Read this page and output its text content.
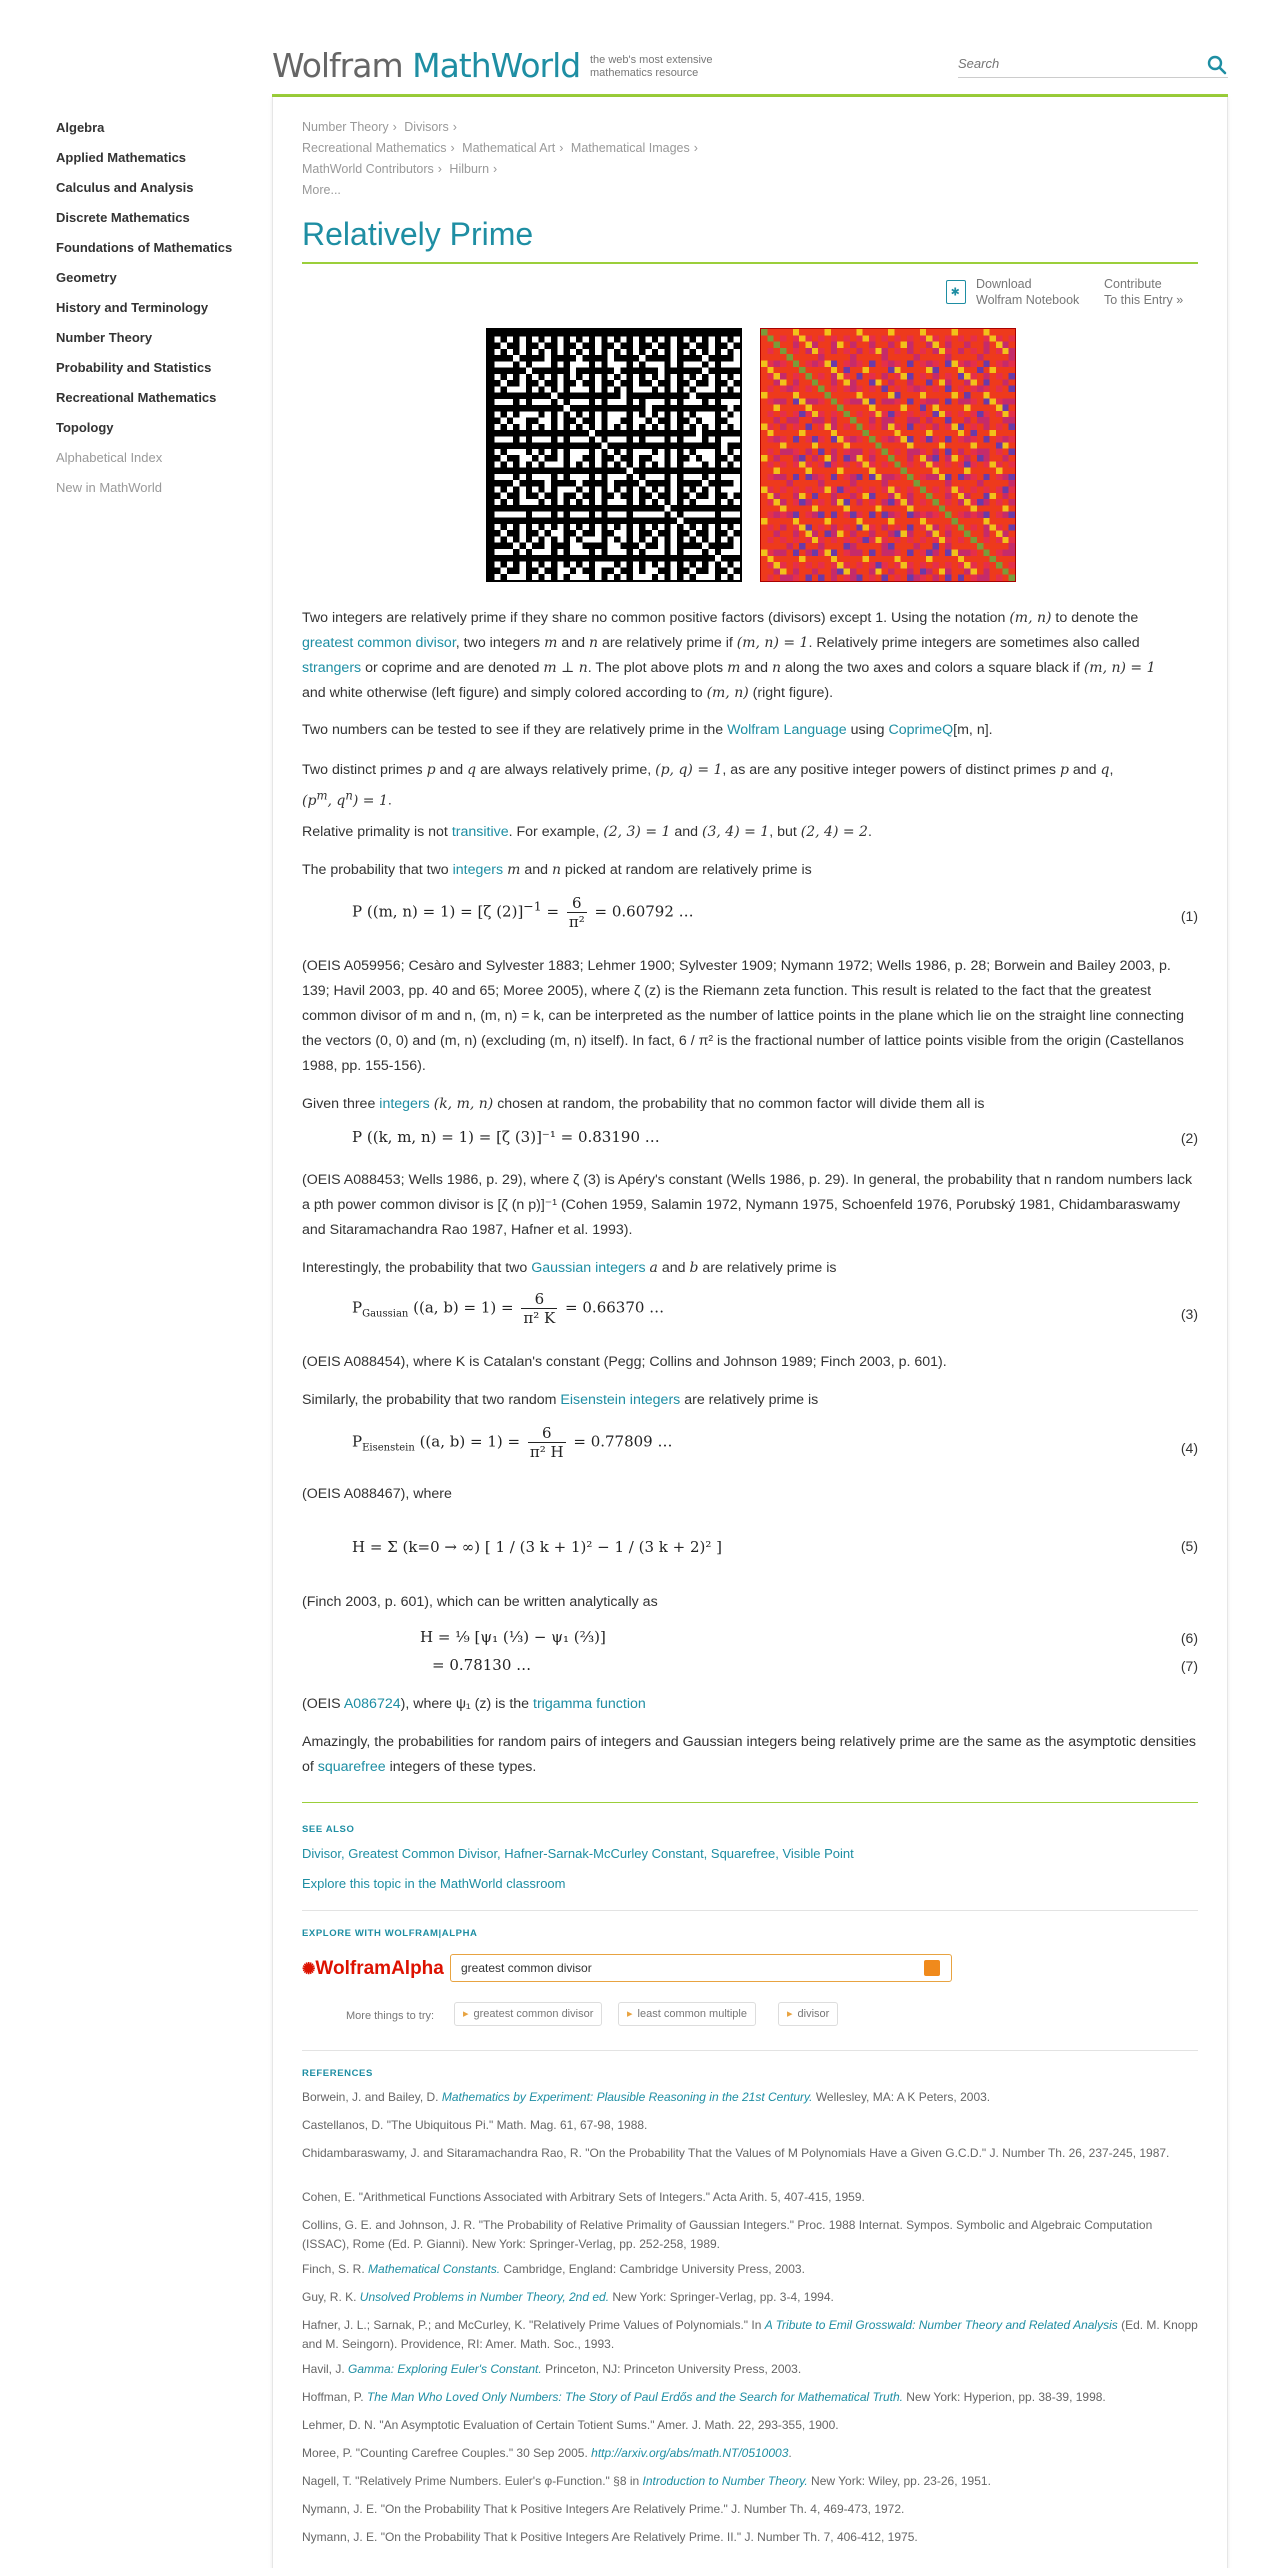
Wolfram MathWorld the web's most extensive mathematics resource
Search
Algebra
Applied Mathematics
Calculus and Analysis
Discrete Mathematics
Foundations of Mathematics
Geometry
History and Terminology
Number Theory
Probability and Statistics
Recreational Mathematics
Topology
Alphabetical Index
New in MathWorld
Number Theory › Divisors ›
Recreational Mathematics › Mathematical Art › Mathematical Images ›
MathWorld Contributors › Hilburn ›
More...
Relatively Prime
✱
Download
Wolfram Notebook
Contribute
To this Entry »
Two integers are relatively prime if they share no common positive factors (divisors) except 1. Using the notation (m, n) to denote the
greatest common divisor, two integers m and n are relatively prime if (m, n) = 1. Relatively prime integers are sometimes also called
strangers or coprime and are denoted m ⊥ n. The plot above plots m and n along the two axes and colors a square black if (m, n) = 1
and white otherwise (left figure) and simply colored according to (m, n) (right figure).
Two numbers can be tested to see if they are relatively prime in the Wolfram Language using CoprimeQ[m, n].
Two distinct primes p and q are always relatively prime, (p, q) = 1, as are any positive integer powers of distinct primes p and q,
($p^m$, $q^n) = 1$.
Relative primality is not transitive. For example, (2, 3) = 1 and (3, 4) = 1, but (2, 4) = 2.
The probability that two integers m and n picked at random are relatively prime is
P ((m, n) = 1) = [ζ $(2)]^{-1} = \frac{6}{\text{π²}} = 0.60792$ …	(1)
(OEIS A059956; Cesàro and Sylvester 1883; Lehmer 1900; Sylvester 1909; Nymann 1972; Wells 1986, p. 28; Borwein and Bailey 2003, p. 139; Havil 2003, pp. 40 and 65; Moree 2005), where ζ (z) is the Riemann zeta function. This result is related to the fact that the greatest common divisor of m and n, (m, n) = k, can be interpreted as the number of lattice points in the plane which lie on the straight line connecting the vectors (0, 0) and (m, n) (excluding (m, n) itself). In fact, 6 / π² is the fractional number of lattice points visible from the origin (Castellanos 1988, pp. 155-156).
Given three integers (k, m, n) chosen at random, the probability that no common factor will divide them all is
P ((k, m, n) = 1) = [ζ (3)]⁻¹ = 0.83190 …	(2)
(OEIS A088453; Wells 1986, p. 29), where ζ (3) is Apéry's constant (Wells 1986, p. 29). In general, the probability that n random numbers lack a pth power common divisor is [ζ (n p)]⁻¹ (Cohen 1959, Salamin 1972, Nymann 1975, Schoenfeld 1976, Porubský 1981, Chidambaraswamy and Sitaramachandra Rao 1987, Hafner et al. 1993).
Interestingly, the probability that two Gaussian integers a and b are relatively prime is
$P_{Gaussian}$ ((a, $b) = 1) = \frac{6}{\text{π² K}} = 0.66370$ …	(3)
(OEIS A088454), where K is Catalan's constant (Pegg; Collins and Johnson 1989; Finch 2003, p. 601).
Similarly, the probability that two random Eisenstein integers are relatively prime is
$P_{Eisenstein}$ ((a, $b) = 1) = \frac{6}{\text{π² H}} = 0.77809$ …	(4)
(OEIS A088467), where
H = Σ (k=0 → ∞) [ 1 / (3 k + 1)² − 1 / (3 k + 2)² ]	(5)
(Finch 2003, p. 601), which can be written analytically as
H = ⅑ [ψ₁ (⅓) − ψ₁ (⅔)]	(6)
= 0.78130 …	(7)
(OEIS A086724), where ψ₁ (z) is the trigamma function
Amazingly, the probabilities for random pairs of integers and Gaussian integers being relatively prime are the same as the asymptotic densities of squarefree integers of these types.
SEE ALSO
Divisor, Greatest Common Divisor, Hafner-Sarnak-McCurley Constant, Squarefree, Visible Point
Explore this topic in the MathWorld classroom
EXPLORE WITH WOLFRAM|ALPHA
✺WolframAlpha	greatest common divisor
More things to try:	▸ greatest common divisor	▸ least common multiple	▸ divisor
REFERENCES
Borwein, J. and Bailey, D. Mathematics by Experiment: Plausible Reasoning in the 21st Century. Wellesley, MA: A K Peters, 2003.
Castellanos, D. "The Ubiquitous Pi." Math. Mag. 61, 67-98, 1988.
Chidambaraswamy, J. and Sitaramachandra Rao, R. "On the Probability That the Values of M Polynomials Have a Given G.C.D." J. Number Th. 26, 237-245, 1987.
Cohen, E. "Arithmetical Functions Associated with Arbitrary Sets of Integers." Acta Arith. 5, 407-415, 1959.
Collins, G. E. and Johnson, J. R. "The Probability of Relative Primality of Gaussian Integers." Proc. 1988 Internat. Sympos. Symbolic and Algebraic Computation (ISSAC), Rome (Ed. P. Gianni). New York: Springer-Verlag, pp. 252-258, 1989.
Finch, S. R. Mathematical Constants. Cambridge, England: Cambridge University Press, 2003.
Guy, R. K. Unsolved Problems in Number Theory, 2nd ed. New York: Springer-Verlag, pp. 3-4, 1994.
Hafner, J. L.; Sarnak, P.; and McCurley, K. "Relatively Prime Values of Polynomials." In A Tribute to Emil Grosswald: Number Theory and Related Analysis (Ed. M. Knopp and M. Seingorn). Providence, RI: Amer. Math. Soc., 1993.
Havil, J. Gamma: Exploring Euler's Constant. Princeton, NJ: Princeton University Press, 2003.
Hoffman, P. The Man Who Loved Only Numbers: The Story of Paul Erdős and the Search for Mathematical Truth. New York: Hyperion, pp. 38-39, 1998.
Lehmer, D. N. "An Asymptotic Evaluation of Certain Totient Sums." Amer. J. Math. 22, 293-355, 1900.
Moree, P. "Counting Carefree Couples." 30 Sep 2005. http://arxiv.org/abs/math.NT/0510003.
Nagell, T. "Relatively Prime Numbers. Euler's φ-Function." §8 in Introduction to Number Theory. New York: Wiley, pp. 23-26, 1951.
Nymann, J. E. "On the Probability That k Positive Integers Are Relatively Prime." J. Number Th. 4, 469-473, 1972.
Nymann, J. E. "On the Probability That k Positive Integers Are Relatively Prime. II." J. Number Th. 7, 406-412, 1975.
